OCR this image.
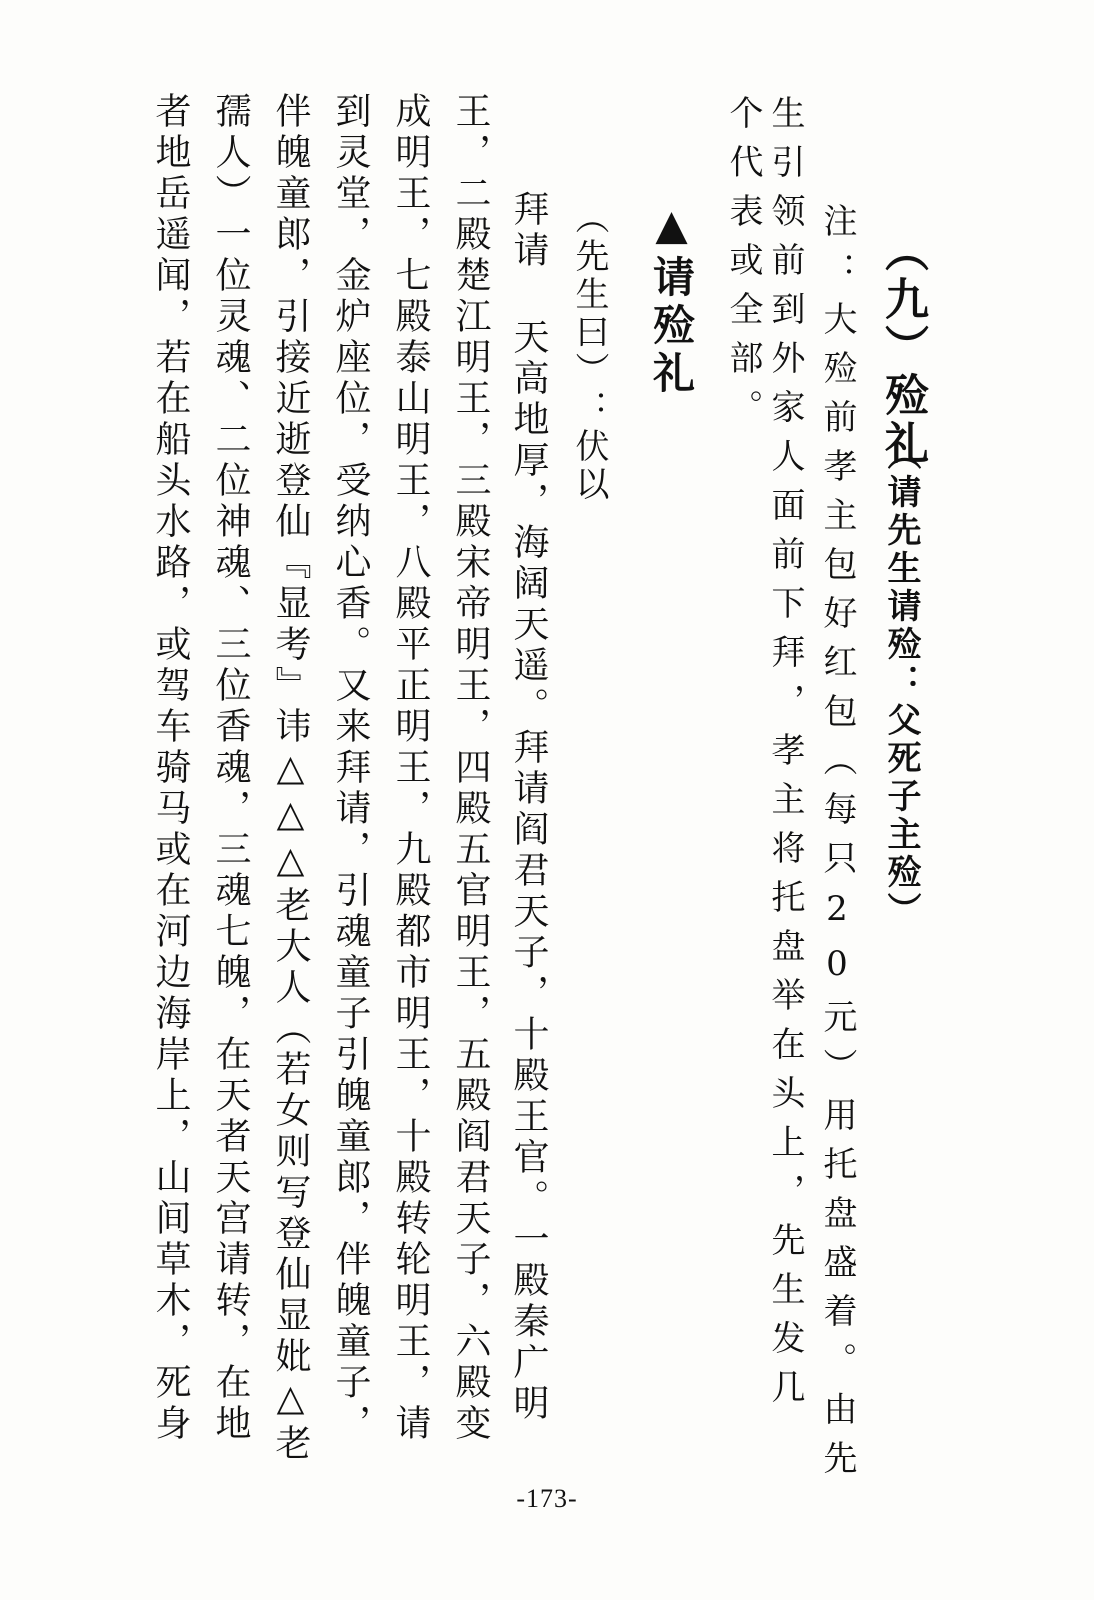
（九）殓礼
（请先生请殓：父死子主殓）
注：大殓前孝主包好红包（每只20元）用托盘盛着。由先
生引领前到外家人面前下拜，孝主将托盘举在头上，先生发几
个代表或全部。
▲请殓礼
（先生曰）：伏以
拜请 天高地厚，海阔天遥。拜请阎君天子，十殿王官。一殿秦广明
王，二殿楚江明王，三殿宋帝明王，四殿五官明王，五殿阎君天子，六殿变
成明王，七殿泰山明王，八殿平正明王，九殿都市明王，十殿转轮明王，请
到灵堂，金炉座位，受纳心香。又来拜请，引魂童子引魄童郎，伴魄童子，
伴魄童郎，引接近逝登仙『显考』讳△△△老大人（若女则写登仙显妣△老
孺人）一位灵魂、二位神魂、三位香魂，三魂七魄，在天者天宫请转，在地
者地岳遥闻，若在船头水路，或驾车骑马或在河边海岸上，山间草木，死身
-173-
